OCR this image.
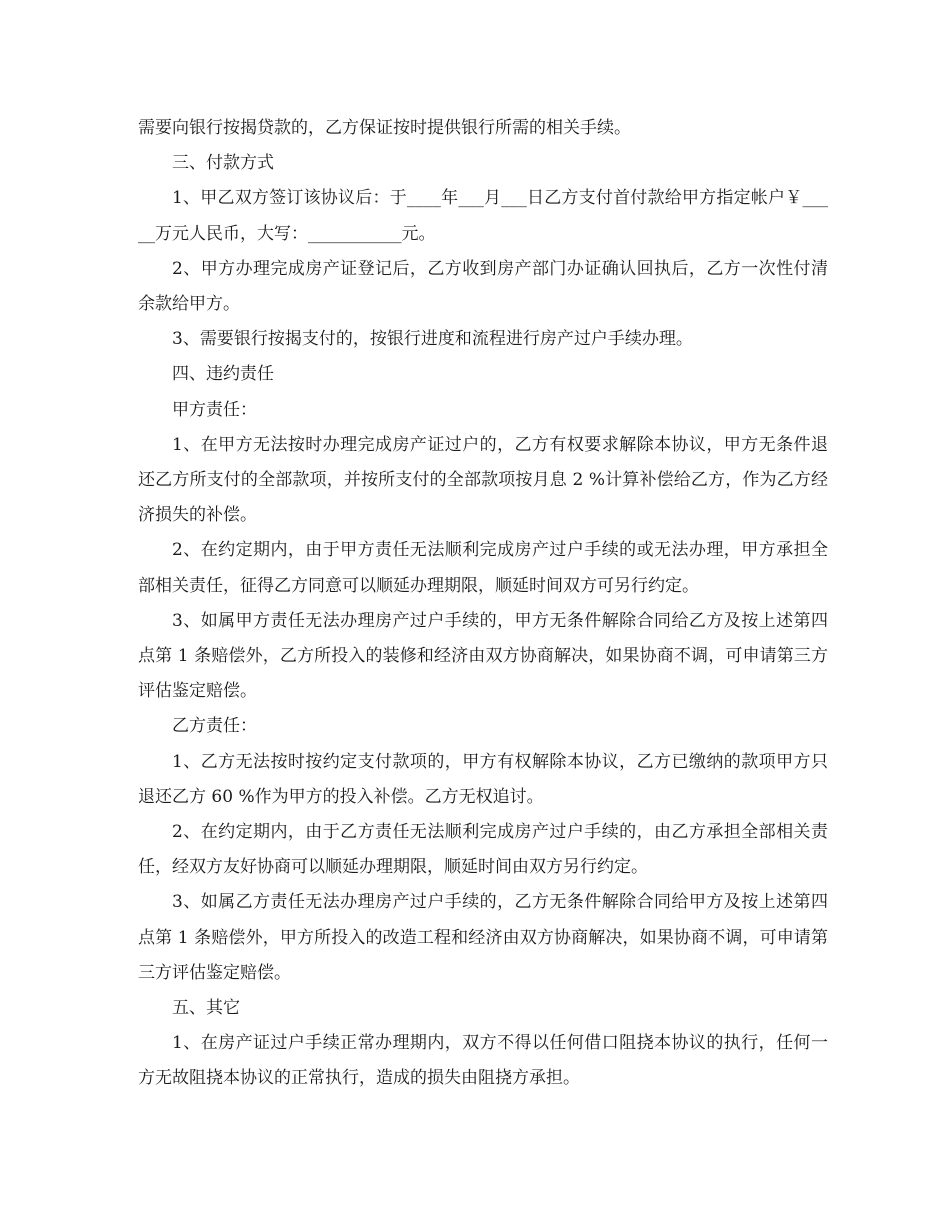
需要向银行按揭贷款的，乙方保证按时提供银行所需的相关手续。

三、付款方式

1、甲乙双方签订该协议后：于____年___月___日乙方支付首付款给甲方指定帐户￥_____万元人民币，大写：___________元。

2、甲方办理完成房产证登记后，乙方收到房产部门办证确认回执后，乙方一次性付清余款给甲方。

3、需要银行按揭支付的，按银行进度和流程进行房产过户手续办理。

四、违约责任

甲方责任：

1、在甲方无法按时办理完成房产证过户的，乙方有权要求解除本协议，甲方无条件退还乙方所支付的全部款项，并按所支付的全部款项按月息 2 %计算补偿给乙方，作为乙方经济损失的补偿。

2、在约定期内，由于甲方责任无法顺利完成房产过户手续的或无法办理，甲方承担全部相关责任，征得乙方同意可以顺延办理期限，顺延时间双方可另行约定。

3、如属甲方责任无法办理房产过户手续的，甲方无条件解除合同给乙方及按上述第四点第 1 条赔偿外，乙方所投入的装修和经济由双方协商解决，如果协商不调，可申请第三方评估鉴定赔偿。

乙方责任：

1、乙方无法按时按约定支付款项的，甲方有权解除本协议，乙方已缴纳的款项甲方只退还乙方 60 %作为甲方的投入补偿。乙方无权追讨。

2、在约定期内，由于乙方责任无法顺利完成房产过户手续的，由乙方承担全部相关责任，经双方友好协商可以顺延办理期限，顺延时间由双方另行约定。

3、如属乙方责任无法办理房产过户手续的，乙方无条件解除合同给甲方及按上述第四点第 1 条赔偿外，甲方所投入的改造工程和经济由双方协商解决，如果协商不调，可申请第三方评估鉴定赔偿。

五、其它

1、在房产证过户手续正常办理期内，双方不得以任何借口阻挠本协议的执行，任何一方无故阻挠本协议的正常执行，造成的损失由阻挠方承担。
